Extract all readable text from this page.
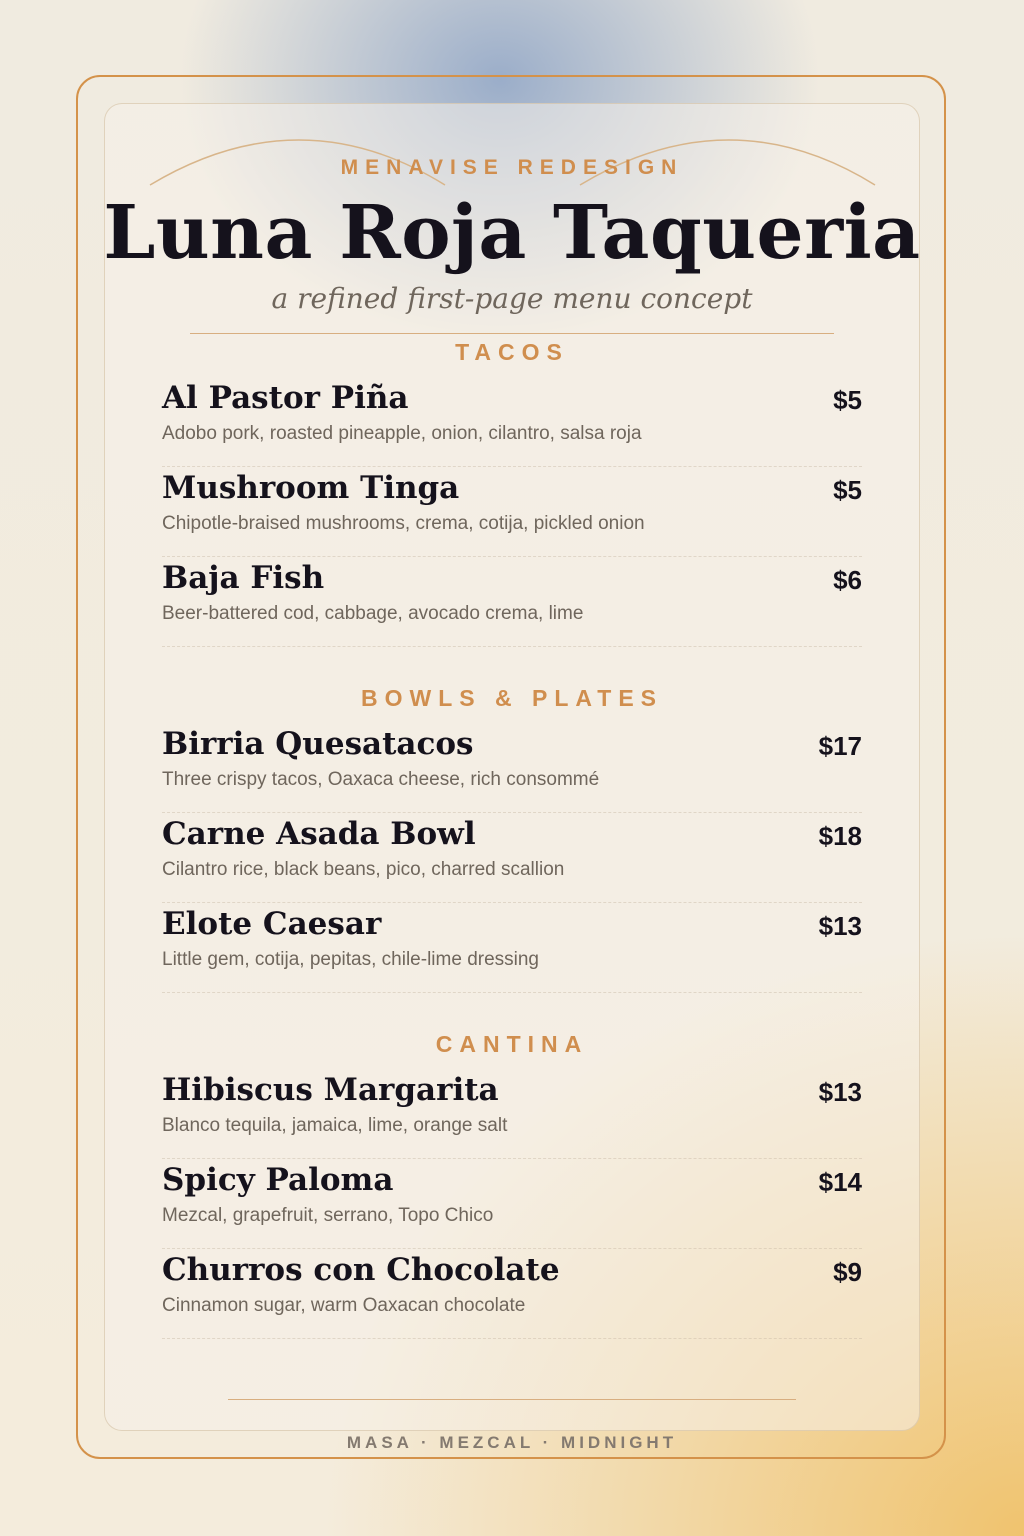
MENAVISE REDESIGN
Luna Roja Taqueria
a refined first-page menu concept
TACOS
Al Pastor Piña	$5
Adobo pork, roasted pineapple, onion, cilantro, salsa roja
Mushroom Tinga	$5
Chipotle-braised mushrooms, crema, cotija, pickled onion
Baja Fish	$6
Beer-battered cod, cabbage, avocado crema, lime
BOWLS & PLATES
Birria Quesatacos	$17
Three crispy tacos, Oaxaca cheese, rich consommé
Carne Asada Bowl	$18
Cilantro rice, black beans, pico, charred scallion
Elote Caesar	$13
Little gem, cotija, pepitas, chile-lime dressing
CANTINA
Hibiscus Margarita	$13
Blanco tequila, jamaica, lime, orange salt
Spicy Paloma	$14
Mezcal, grapefruit, serrano, Topo Chico
Churros con Chocolate	$9
Cinnamon sugar, warm Oaxacan chocolate
MASA · MEZCAL · MIDNIGHT
